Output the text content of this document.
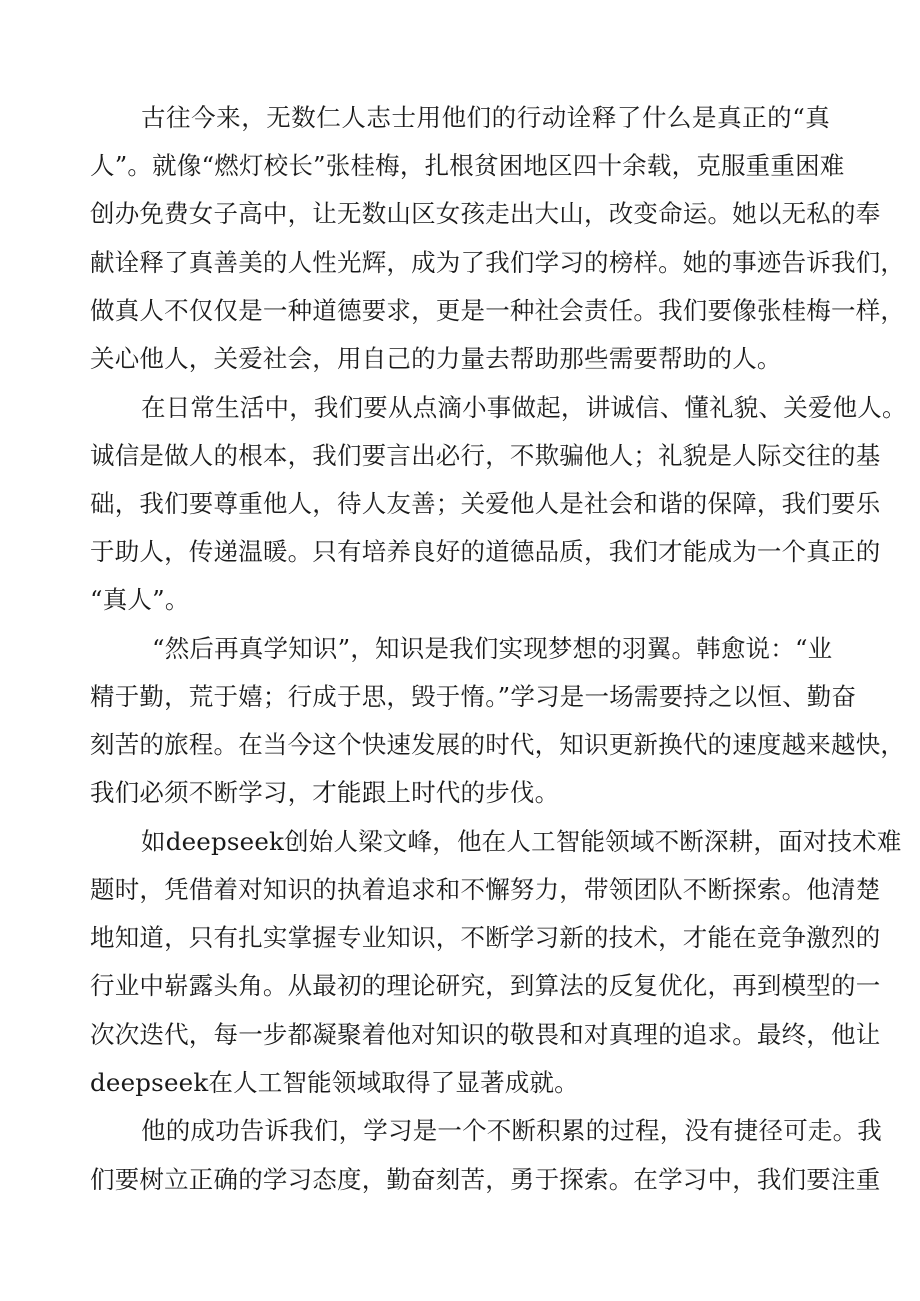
古往今来，无数仁人志士用他们的行动诠释了什么是真正的“真
人”。就像“燃灯校长”张桂梅，扎根贫困地区四十余载，克服重重困难
创办免费女子高中，让无数山区女孩走出大山，改变命运。她以无私的奉
献诠释了真善美的人性光辉，成为了我们学习的榜样。她的事迹告诉我们，
做真人不仅仅是一种道德要求，更是一种社会责任。我们要像张桂梅一样，
关心他人，关爱社会，用自己的力量去帮助那些需要帮助的人。
在日常生活中，我们要从点滴小事做起，讲诚信、懂礼貌、关爱他人。
诚信是做人的根本，我们要言出必行，不欺骗他人；礼貌是人际交往的基
础，我们要尊重他人，待人友善；关爱他人是社会和谐的保障，我们要乐
于助人，传递温暖。只有培养良好的道德品质，我们才能成为一个真正的
“真人”。
“然后再真学知识”，知识是我们实现梦想的羽翼。韩愈说：“业
精于勤，荒于嬉；行成于思，毁于惰。”学习是一场需要持之以恒、勤奋
刻苦的旅程。在当今这个快速发展的时代，知识更新换代的速度越来越快，
我们必须不断学习，才能跟上时代的步伐。
如deepseek创始人梁文峰，他在人工智能领域不断深耕，面对技术难
题时，凭借着对知识的执着追求和不懈努力，带领团队不断探索。他清楚
地知道，只有扎实掌握专业知识，不断学习新的技术，才能在竞争激烈的
行业中崭露头角。从最初的理论研究，到算法的反复优化，再到模型的一
次次迭代，每一步都凝聚着他对知识的敬畏和对真理的追求。最终，他让
deepseek在人工智能领域取得了显著成就。
他的成功告诉我们，学习是一个不断积累的过程，没有捷径可走。我
们要树立正确的学习态度，勤奋刻苦，勇于探索。在学习中，我们要注重
